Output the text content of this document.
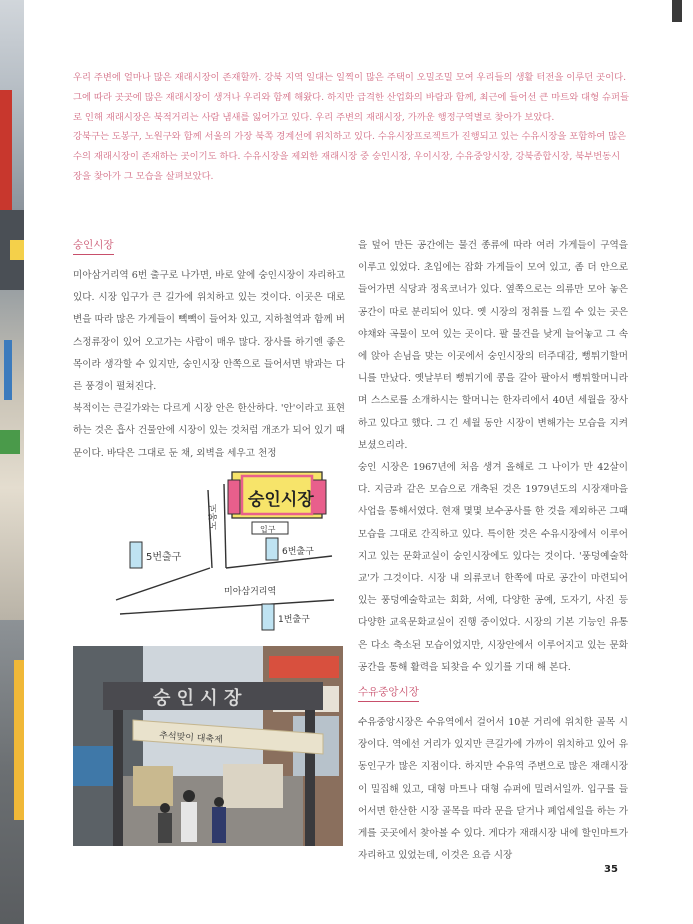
우리 주변에 얼마나 많은 재래시장이 존재할까. 강북 지역 일대는 일찍이 많은 주택이 오밀조밀 모여 우리들의 생활 터전을 이루던 곳이다. 그에 따라 곳곳에 많은 재래시장이 생겨나 우리와 함께 해왔다. 하지만 급격한 산업화의 바람과 함께, 최근에 들어선 큰 마트와 대형 슈퍼들로 인해 재래시장은 북적거리는 사람 냄새를 잃어가고 있다. 우리 주변의 재래시장, 가까운 행정구역별로 찾아가 보았다.

강북구는 도봉구, 노원구와 함께 서울의 가장 북쪽 경계선에 위치하고 있다. 수유시장프로젝트가 진행되고 있는 수유시장을 포함하여 많은 수의 재래시장이 존재하는 곳이기도 하다. 수유시장을 제외한 재래시장 중 숭인시장, 우이시장, 수유중앙시장, 강북종합시장, 북부번동시장을 찾아가 그 모습을 살펴보았다.

숭인시장

미아삼거리역 6번 출구로 나가면, 바로 앞에 숭인시장이 자리하고 있다. 시장 입구가 큰 길가에 위치하고 있는 것이다. 이곳은 대로변을 따라 많은 가게들이 빽빽이 들어차 있고, 지하철역과 함께 버스정류장이 있어 오고가는 사람이 매우 많다. 장사를 하기엔 좋은 목이라 생각할 수 있지만, 숭인시장 안쪽으로 들어서면 밖과는 다른 풍경이 펼쳐진다.

북적이는 큰길가와는 다르게 시장 안은 한산하다. '안'이라고 표현하는 것은 흡사 건물안에 시장이 있는 것처럼 개조가 되어 있기 때문이다. 바닥은 그대로 둔 채, 외벽을 세우고 천정

을 덮어 만든 공간에는 물건 종류에 따라 여러 가게들이 구역을 이루고 있었다. 초입에는 잡화 가게들이 모여 있고, 좀 더 안으로 들어가면 식당과 정육코너가 있다. 옆쪽으로는 의류만 모아 놓은 공간이 따로 분리되어 있다. 옛 시장의 정취를 느낄 수 있는 곳은 야채와 곡물이 모여 있는 곳이다. 팔 물건을 낮게 늘어놓고 그 속에 앉아 손님을 맞는 이곳에서 숭인시장의 터주대감, 뻥튀기할머니를 만났다. 옛날부터 뻥튀기에 콩을 갈아 팔아서 뻥튀할머니라며 스스로를 소개하시는 할머니는 한자리에서 40년 세월을 장사하고 있다고 했다. 그 긴 세월 동안 시장이 변해가는 모습을 지켜보셨으리라.

숭인 시장은 1967년에 처음 생겨 올해로 그 나이가 만 42살이다. 지금과 같은 모습으로 개축된 것은 1979년도의 시장재마을사업을 통해서였다. 현재 몇몇 보수공사를 한 것을 제외하곤 그때 모습을 그대로 간직하고 있다. 특이한 것은 수유시장에서 이루어지고 있는 문화교실이 숭인시장에도 있다는 것이다. '풍덩예술학교'가 그것이다. 시장 내 의류코너 한쪽에 따로 공간이 마련되어 있는 풍덩예술학교는 회화, 서예, 다양한 공예, 도자기, 사진 등 다양한 교육문화교실이 진행 중이었다. 시장의 기본 기능인 유통은 다소 축소된 모습이었지만, 시장안에서 이루어지고 있는 문화공간을 통해 활력을 되찾을 수 있기를 기대 해 본다.

숭인시장
도봉로	입구
6번출구
5번출구
미아삼거리역
1번출구
숭 인 시 장
추석맞이 대축제
수유중앙시장

수유중앙시장은 수유역에서 걸어서 10분 거리에 위치한 골목 시장이다. 역에선 거리가 있지만 큰길가에 가까이 위치하고 있어 유동인구가 많은 지점이다. 하지만 수유역 주변으로 많은 재래시장이 밀집해 있고, 대형 마트나 대형 슈퍼에 밀려서일까. 입구를 들어서면 한산한 시장 골목을 따라 문을 닫거나 폐업세일을 하는 가게를 곳곳에서 찾아볼 수 있다. 게다가 재래시장 내에 할인마트가 자리하고 있었는데, 이것은 요즘 시장

35
